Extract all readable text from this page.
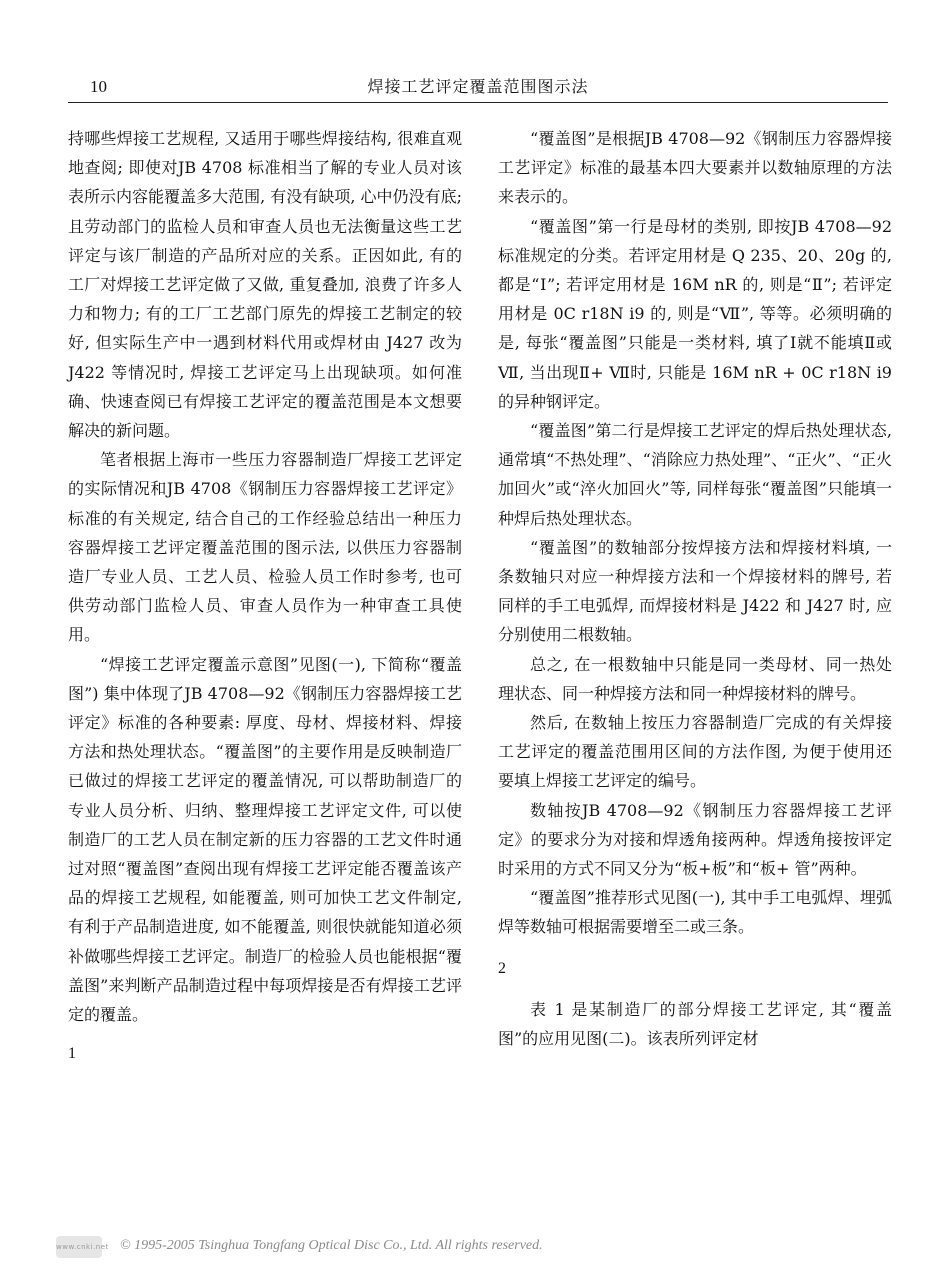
10	焊接工艺评定覆盖范围图示法

持哪些焊接工艺规程, 又适用于哪些焊接结构, 很难直观地查阅; 即使对JB 4708 标准相当了解的专业人员对该表所示内容能覆盖多大范围, 有没有缺项, 心中仍没有底; 且劳动部门的监检人员和审查人员也无法衡量这些工艺评定与该厂制造的产品所对应的关系。正因如此, 有的工厂对焊接工艺评定做了又做, 重复叠加, 浪费了许多人力和物力; 有的工厂工艺部门原先的焊接工艺制定的较好, 但实际生产中一遇到材料代用或焊材由 J427 改为 J422 等情况时, 焊接工艺评定马上出现缺项。如何准确、快速查阅已有焊接工艺评定的覆盖范围是本文想要解决的新问题。

笔者根据上海市一些压力容器制造厂焊接工艺评定的实际情况和JB 4708《钢制压力容器焊接工艺评定》标准的有关规定, 结合自己的工作经验总结出一种压力容器焊接工艺评定覆盖范围的图示法, 以供压力容器制造厂专业人员、工艺人员、检验人员工作时参考, 也可供劳动部门监检人员、审查人员作为一种审查工具使用。

“焊接工艺评定覆盖示意图”见图(一), 下简称“覆盖图”) 集中体现了JB 4708—92《钢制压力容器焊接工艺评定》标准的各种要素: 厚度、母材、焊接材料、焊接方法和热处理状态。“覆盖图”的主要作用是反映制造厂已做过的焊接工艺评定的覆盖情况, 可以帮助制造厂的专业人员分析、归纳、整理焊接工艺评定文件, 可以使制造厂的工艺人员在制定新的压力容器的工艺文件时通过对照“覆盖图”查阅出现有焊接工艺评定能否覆盖该产品的焊接工艺规程, 如能覆盖, 则可加快工艺文件制定, 有利于产品制造进度, 如不能覆盖, 则很快就能知道必须补做哪些焊接工艺评定。制造厂的检验人员也能根据“覆盖图”来判断产品制造过程中每项焊接是否有焊接工艺评定的覆盖。

1

“覆盖图”是根据JB 4708—92《钢制压力容器焊接工艺评定》标准的最基本四大要素并以数轴原理的方法来表示的。

“覆盖图”第一行是母材的类别, 即按JB 4708—92 标准规定的分类。若评定用材是 Q 235、20、20g 的, 都是“Ⅰ”; 若评定用材是 16M nR 的, 则是“Ⅱ”; 若评定用材是 0C r18N i9 的, 则是“Ⅶ”, 等等。必须明确的是, 每张“覆盖图”只能是一类材料, 填了Ⅰ就不能填Ⅱ或Ⅶ, 当出现Ⅱ+ Ⅶ时, 只能是 16M nR + 0C r18N i9 的异种钢评定。

“覆盖图”第二行是焊接工艺评定的焊后热处理状态, 通常填“不热处理”、“消除应力热处理”、“正火”、“正火加回火”或“淬火加回火”等, 同样每张“覆盖图”只能填一种焊后热处理状态。

“覆盖图”的数轴部分按焊接方法和焊接材料填, 一条数轴只对应一种焊接方法和一个焊接材料的牌号, 若同样的手工电弧焊, 而焊接材料是 J422 和 J427 时, 应分别使用二根数轴。

总之, 在一根数轴中只能是同一类母材、同一热处理状态、同一种焊接方法和同一种焊接材料的牌号。

然后, 在数轴上按压力容器制造厂完成的有关焊接工艺评定的覆盖范围用区间的方法作图, 为便于使用还要填上焊接工艺评定的编号。

数轴按JB 4708—92《钢制压力容器焊接工艺评定》的要求分为对接和焊透角接两种。焊透角接按评定时采用的方式不同又分为“板+板”和“板+ 管”两种。

“覆盖图”推荐形式见图(一), 其中手工电弧焊、埋弧焊等数轴可根据需要增至二或三条。

2

表 1 是某制造厂的部分焊接工艺评定, 其“覆盖图”的应用见图(二)。该表所列评定材

www.cnki.net © 1995-2005 Tsinghua Tongfang Optical Disc Co., Ltd. All rights reserved.
